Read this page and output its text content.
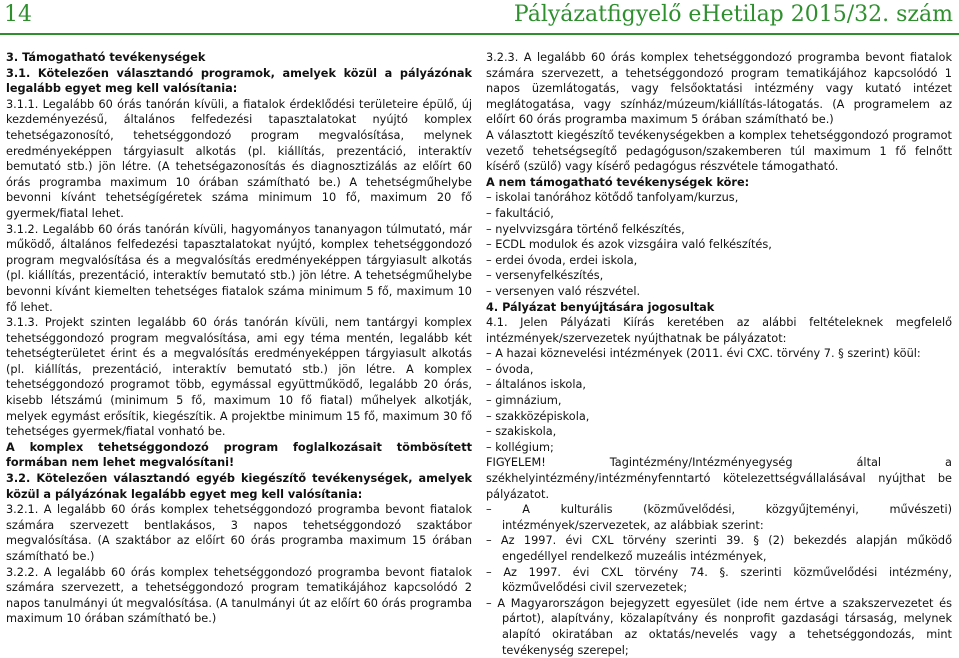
14	Pályázatfigyelő eHetilap 2015/32. szám

3. Támogatható tevékenységek

3.1. Kötelezően választandó programok, amelyek közül a pályázónak legalább egyet meg kell valósítania:

3.1.1. Legalább 60 órás tanórán kívüli, a fiatalok érdeklődési területeire épülő, új kezdeményezésű, általános felfedezési tapasztalatokat nyújtó komplex tehetségazonosító, tehetséggondozó program megvalósítása, melynek eredményeképpen tárgyiasult alkotás (pl. kiállítás, prezentáció, interaktív bemutató stb.) jön létre. (A tehetségazonosítás és diagnosztizálás az előírt 60 órás programba maximum 10 órában számítható be.) A tehetségműhelybe bevonni kívánt tehetségígéretek száma minimum 10 fő, maximum 20 fő gyermek/fiatal lehet.

3.1.2. Legalább 60 órás tanórán kívüli, hagyományos tananyagon túlmutató, már működő, általános felfedezési tapasztalatokat nyújtó, komplex tehetséggondozó program megvalósítása és a megvalósítás eredményeképpen tárgyiasult alkotás (pl. kiállítás, prezentáció, interaktív bemutató stb.) jön létre. A tehetségműhelybe bevonni kívánt kiemelten tehetséges fiatalok száma minimum 5 fő, maximum 10 fő lehet.

3.1.3. Projekt szinten legalább 60 órás tanórán kívüli, nem tantárgyi komplex tehetséggondozó program megvalósítása, ami egy téma mentén, legalább két tehetségterületet érint és a megvalósítás eredményeképpen tárgyiasult alkotás (pl. kiállítás, prezentáció, interaktív bemutató stb.) jön létre. A komplex tehetséggondozó programot több, egymással együttműködő, legalább 20 órás, kisebb létszámú (minimum 5 fő, maximum 10 fő fiatal) műhelyek alkotják, melyek egymást erősítik, kiegészítik. A projektbe minimum 15 fő, maximum 30 fő tehetséges gyermek/fiatal vonható be.

A komplex tehetséggondozó program foglalkozásait tömbösített formában nem lehet megvalósítani!

3.2. Kötelezően választandó egyéb kiegészítő tevékenységek, amelyek közül a pályázónak legalább egyet meg kell valósítania:

3.2.1. A legalább 60 órás komplex tehetséggondozó programba bevont fiatalok számára szervezett bentlakásos, 3 napos tehetséggondozó szaktábor megvalósítása. (A szaktábor az előírt 60 órás programba maximum 15 órában számítható be.)

3.2.2. A legalább 60 órás komplex tehetséggondozó programba bevont fiatalok számára szervezett, a tehetséggondozó program tematikájához kapcsolódó 2 napos tanulmányi út megvalósítása. (A tanulmányi út az előírt 60 órás programba maximum 10 órában számítható be.)

3.2.3. A legalább 60 órás komplex tehetséggondozó programba bevont fiatalok számára szervezett, a tehetséggondozó program tematikájához kapcsolódó 1 napos üzemlátogatás, vagy felsőoktatási intézmény vagy kutató intézet meglátogatása, vagy színház/múzeum/kiállítás-látogatás. (A programelem az előírt 60 órás programba maximum 5 órában számítható be.)

A választott kiegészítő tevékenységekben a komplex tehetséggondozó programot vezető tehetségsegítő pedagóguson/szakemberen túl maximum 1 fő felnőtt kísérő (szülő) vagy kísérő pedagógus részvétele támogatható.

A nem támogatható tevékenységek köre:

– iskolai tanórához kötődő tanfolyam/kurzus,

– fakultáció,

– nyelvvizsgára történő felkészítés,

– ECDL modulok és azok vizsgáira való felkészítés,

– erdei óvoda, erdei iskola,

– versenyfelkészítés,

– versenyen való részvétel.

4. Pályázat benyújtására jogosultak

4.1. Jelen Pályázati Kiírás keretében az alábbi feltételeknek megfelelő intézmények/szervezetek nyújthatnak be pályázatot:

– A hazai köznevelési intézmények (2011. évi CXC. törvény 7. § szerint) köül:

– óvoda,

– általános iskola,

– gimnázium,

– szakközépiskola,

– szakiskola,

– kollégium;

FIGYELEM! Tagintézmény/Intézményegység által a székhelyintézmény/intézményfenntartó kötelezettségvállalásával nyújthat be pályázatot.

– A kulturális (közművelődési, közgyűjteményi, művészeti) intézmények/szervezetek, az alábbiak szerint:

– Az 1997. évi CXL törvény szerinti 39. § (2) bekezdés alapján működő engedéllyel rendelkező muzeális intézmények,

– Az 1997. évi CXL törvény 74. §. szerinti közművelődési intézmény, közművelődési civil szervezetek;

– A Magyarországon bejegyzett egyesület (ide nem értve a szakszervezetet és pártot), alapítvány, közalapítvány és nonprofit gazdasági társaság, melynek alapító okiratában az oktatás/nevelés vagy a tehetséggondozás, mint tevékenység szerepel;
